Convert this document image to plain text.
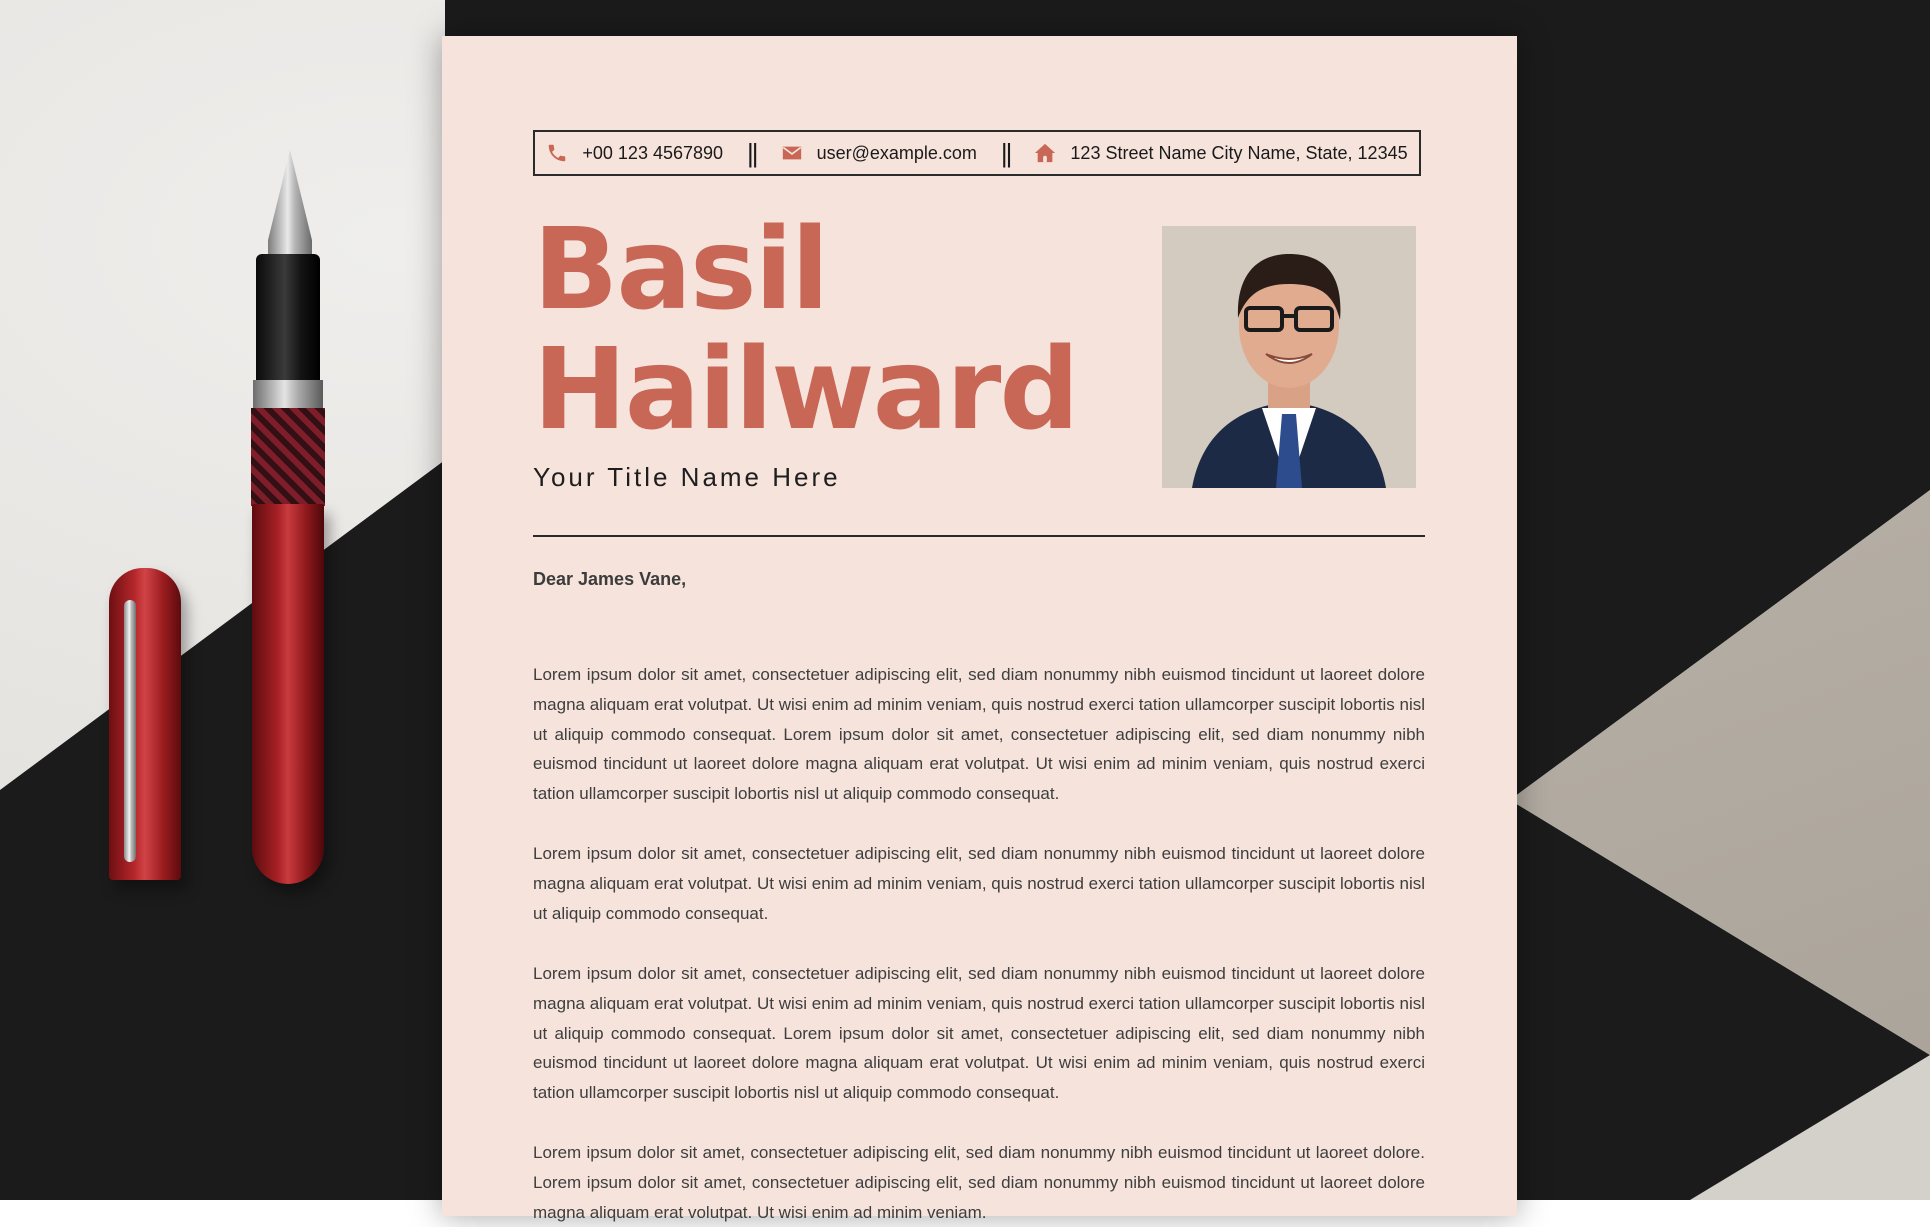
+00 123 4567890 ||	user@example.com ||	123 Street Name City Name, State, 12345
Basil
Hailward
Your Title Name Here
Dear James Vane,

Lorem ipsum dolor sit amet, consectetuer adipiscing elit, sed diam nonummy nibh euismod tincidunt ut laoreet dolore magna aliquam erat volutpat. Ut wisi enim ad minim veniam, quis nostrud exerci tation ullamcorper suscipit lobortis nisl ut aliquip commodo consequat. Lorem ipsum dolor sit amet, consectetuer adipiscing elit, sed diam nonummy nibh euismod tincidunt ut laoreet dolore magna aliquam erat volutpat. Ut wisi enim ad minim veniam, quis nostrud exerci tation ullamcorper suscipit lobortis nisl ut aliquip commodo consequat.

Lorem ipsum dolor sit amet, consectetuer adipiscing elit, sed diam nonummy nibh euismod tincidunt ut laoreet dolore magna aliquam erat volutpat. Ut wisi enim ad minim veniam, quis nostrud exerci tation ullamcorper suscipit lobortis nisl ut aliquip commodo consequat.

Lorem ipsum dolor sit amet, consectetuer adipiscing elit, sed diam nonummy nibh euismod tincidunt ut laoreet dolore magna aliquam erat volutpat. Ut wisi enim ad minim veniam, quis nostrud exerci tation ullamcorper suscipit lobortis nisl ut aliquip commodo consequat. Lorem ipsum dolor sit amet, consectetuer adipiscing elit, sed diam nonummy nibh euismod tincidunt ut laoreet dolore magna aliquam erat volutpat. Ut wisi enim ad minim veniam, quis nostrud exerci tation ullamcorper suscipit lobortis nisl ut aliquip commodo consequat.

Lorem ipsum dolor sit amet, consectetuer adipiscing elit, sed diam nonummy nibh euismod tincidunt ut laoreet dolore. Lorem ipsum dolor sit amet, consectetuer adipiscing elit, sed diam nonummy nibh euismod tincidunt ut laoreet dolore magna aliquam erat volutpat. Ut wisi enim ad minim veniam.
